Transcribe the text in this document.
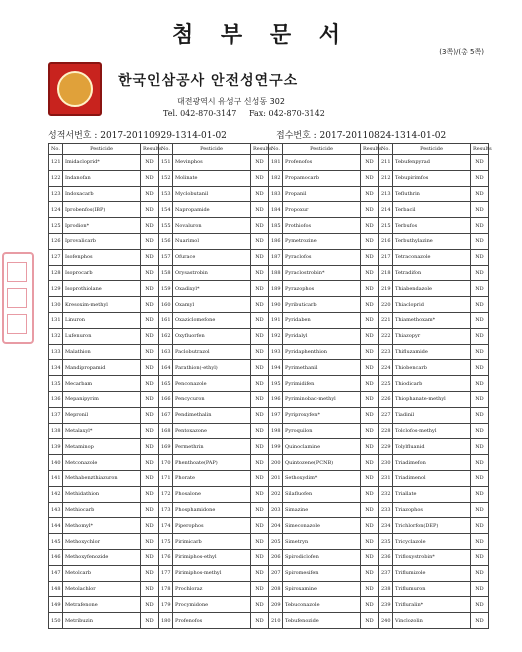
첨 부 문 서
(3쪽)/(총 5쪽)
한국인삼공사 안전성연구소
대전광역시 유성구 신성동 302
Tel. 042-870-3147 Fax: 042-870-3142
성적서번호 : 2017-20110929-1314-01-02	접수번호 : 2017-20110824-1314-01-02
No.	Pesticide	Results	No.	Pesticide	Results	No.	Pesticide	Results	No.	Pesticide	Results
121	Imidacloprid*	ND	151	Mevinphos	ND	181	Profenofos	ND	211	Tebufenpyrad	ND
122	Indanofan	ND	152	Molinate	ND	182	Propamocarb	ND	212	Tebupirimfos	ND
123	Indoxacarb	ND	153	Myclobutanil	ND	183	Propanil	ND	213	Tefluthrin	ND
124	Iprobenfos(IBP)	ND	154	Napropamide	ND	184	Propoxur	ND	214	Terbacil	ND
125	Iprodion*	ND	155	Novaluron	ND	185	Prothiofos	ND	215	Terbufos	ND
126	Iprovalicarb	ND	156	Nuarimol	ND	186	Pymetrozine	ND	216	Terbuthylazine	ND
127	Isofenphos	ND	157	Ofurace	ND	187	Pyraclofos	ND	217	Tetraconazole	ND
128	Isoprocarb	ND	158	Orysastrobin	ND	188	Pyraclostrobin*	ND	218	Tetradifon	ND
129	Isoprothiolane	ND	159	Oxadixyl*	ND	189	Pyrazophos	ND	219	Thiabendazole	ND
130	Kresoxim-methyl	ND	160	Oxamyl	ND	190	Pyributicarb	ND	220	Thiacloprid	ND
131	Linuron	ND	161	Oxaziclomefone	ND	191	Pyridaben	ND	221	Thiamethoxam*	ND
132	Lufenuron	ND	162	Oxyfluorfen	ND	192	Pyridalyl	ND	222	Thiazopyr	ND
133	Malathion	ND	163	Paclobutrazol	ND	193	Pyridaphenthion	ND	223	Thifluzamide	ND
134	Mandipropamid	ND	164	Parathion(-ethyl)	ND	194	Pyrimethanil	ND	224	Thiobencarb	ND
135	Mecarbam	ND	165	Penconazole	ND	195	Pyrimidifen	ND	225	Thiodicarb	ND
136	Mepanipyrim	ND	166	Pencycuron	ND	196	Pyriminobac-methyl	ND	226	Thiophanate-methyl	ND
137	Mepronil	ND	167	Pendimethalin	ND	197	Pyriproxyfen*	ND	227	Tiadinil	ND
138	Metalaxyl*	ND	168	Pentoxazone	ND	198	Pyroquilon	ND	228	Tolclofos-methyl	ND
139	Metaminop	ND	169	Permethrin	ND	199	Quinoclamine	ND	229	Tolylfluanid	ND
140	Metconazole	ND	170	Phenthoate(PAP)	ND	200	Quintozene(PCNB)	ND	230	Triadimefon	ND
141	Methabenzthiazuron	ND	171	Phorate	ND	201	Sethoxydim*	ND	231	Triadimenol	ND
142	Methidathion	ND	172	Phosalone	ND	202	Silafluofen	ND	232	Triallate	ND
143	Methiocarb	ND	173	Phosphamidone	ND	203	Simazine	ND	233	Triazophos	ND
144	Methomyl*	ND	174	Piperophos	ND	204	Simeconazole	ND	234	Trichlorfon(DEP)	ND
145	Methoxychlor	ND	175	Pirimicarb	ND	205	Simetryn	ND	235	Tricyclazole	ND
146	Methoxyfenozide	ND	176	Pirimiphos-ethyl	ND	206	Spirodiclofen	ND	236	Trifloxystrobin*	ND
147	Metolcarb	ND	177	Pirimiphos-methyl	ND	207	Spiromesifen	ND	237	Triflumizole	ND
148	Metolachlor	ND	178	Prochloraz	ND	208	Spiroxamine	ND	238	Triflumuron	ND
149	Metrafenone	ND	179	Procymidone	ND	209	Tebuconazole	ND	239	Trifluralin*	ND
150	Metribuzin	ND	180	Profenofos	ND	210	Tebufenozide	ND	240	Vinclozolin	ND
